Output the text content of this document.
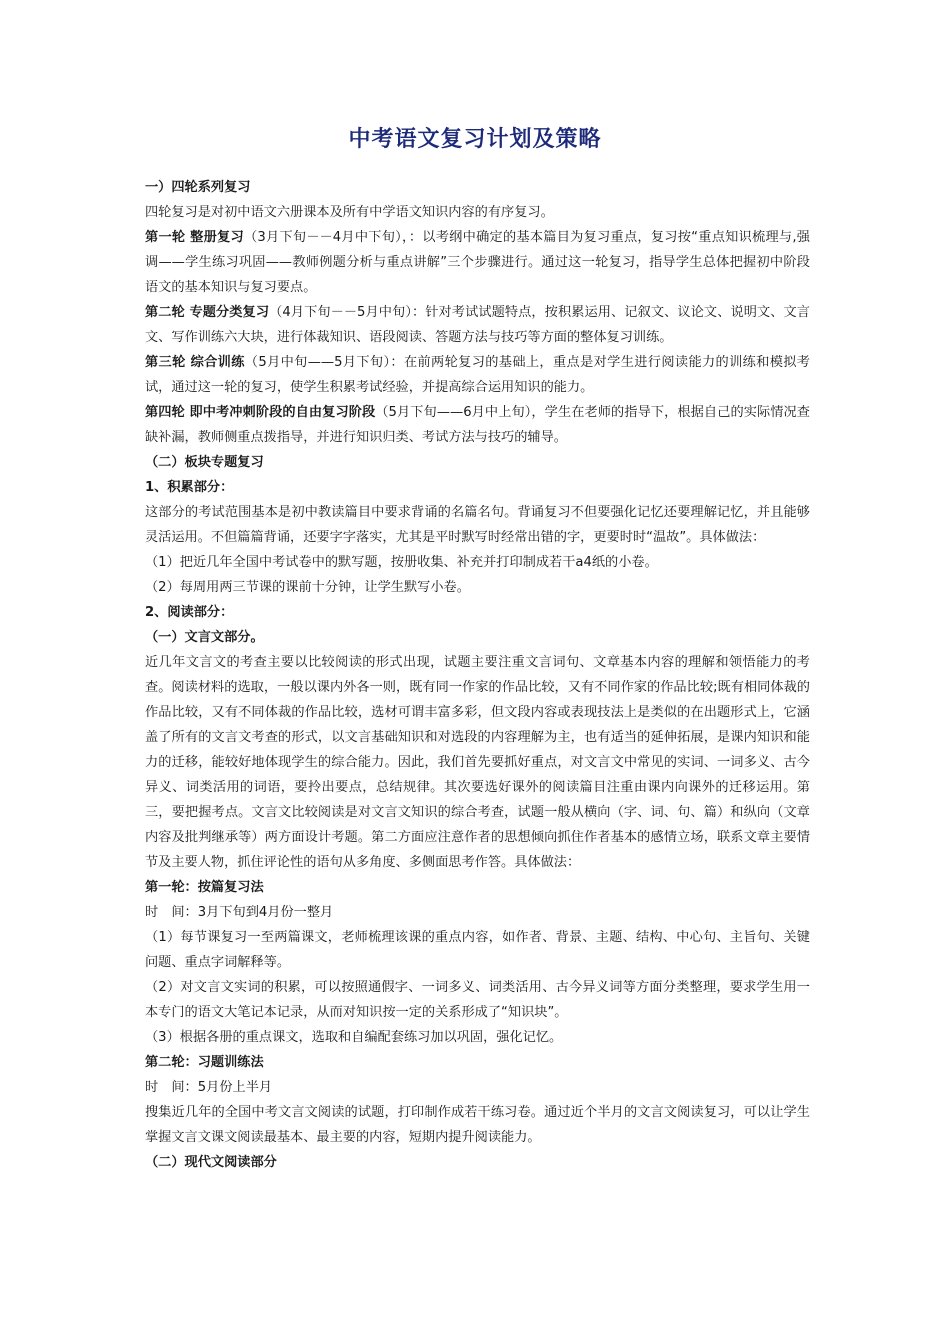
中考语文复习计划及策略

一）四轮系列复习

四轮复习是对初中语文六册课本及所有中学语文知识内容的有序复习。

第一轮 整册复习（3月下旬－－4月中下旬），：以考纲中确定的基本篇目为复习重点，复习按“重点知识梳理与,强调——学生练习巩固——教师例题分析与重点讲解”三个步骤进行。通过这一轮复习，指导学生总体把握初中阶段语文的基本知识与复习要点。

第二轮 专题分类复习（4月下旬－－5月中旬）：针对考试试题特点，按积累运用、记叙文、议论文、说明文、文言文、写作训练六大块，进行体裁知识、语段阅读、答题方法与技巧等方面的整体复习训练。

第三轮 综合训练（5月中旬——5月下旬）：在前两轮复习的基础上，重点是对学生进行阅读能力的训练和模拟考试，通过这一轮的复习，使学生积累考试经验，并提高综合运用知识的能力。

第四轮 即中考冲刺阶段的自由复习阶段（5月下旬——6月中上旬），学生在老师的指导下，根据自己的实际情况查缺补漏，教师侧重点拨指导，并进行知识归类、考试方法与技巧的辅导。

（二）板块专题复习

1、积累部分：

这部分的考试范围基本是初中教读篇目中要求背诵的名篇名句。背诵复习不但要强化记忆还要理解记忆，并且能够灵活运用。不但篇篇背诵，还要字字落实，尤其是平时默写时经常出错的字，更要时时“温故”。具体做法：

（1）把近几年全国中考试卷中的默写题，按册收集、补充并打印制成若干a4纸的小卷。

（2）每周用两三节课的课前十分钟，让学生默写小卷。

2、阅读部分：

（一）文言文部分。

近几年文言文的考查主要以比较阅读的形式出现，试题主要注重文言词句、文章基本内容的理解和领悟能力的考查。阅读材料的选取，一般以课内外各一则，既有同一作家的作品比较，又有不同作家的作品比较;既有相同体裁的作品比较，又有不同体裁的作品比较，选材可谓丰富多彩，但文段内容或表现技法上是类似的在出题形式上，它涵盖了所有的文言文考查的形式，以文言基础知识和对选段的内容理解为主，也有适当的延伸拓展，是课内知识和能力的迁移，能较好地体现学生的综合能力。因此，我们首先要抓好重点，对文言文中常见的实词、一词多义、古今异义、词类活用的词语，要拎出要点，总结规律。其次要选好课外的阅读篇目注重由课内向课外的迁移运用。第三，要把握考点。文言文比较阅读是对文言文知识的综合考查，试题一般从横向（字、词、句、篇）和纵向（文章内容及批判继承等）两方面设计考题。第二方面应注意作者的思想倾向抓住作者基本的感情立场，联系文章主要情节及主要人物，抓住评论性的语句从多角度、多侧面思考作答。具体做法：

第一轮：按篇复习法

时　间：3月下旬到4月份一整月

（1）每节课复习一至两篇课文，老师梳理该课的重点内容，如作者、背景、主题、结构、中心句、主旨句、关键问题、重点字词解释等。

（2）对文言文实词的积累，可以按照通假字、一词多义、词类活用、古今异义词等方面分类整理，要求学生用一本专门的语文大笔记本记录，从而对知识按一定的关系形成了“知识块”。

（3）根据各册的重点课文，选取和自编配套练习加以巩固，强化记忆。

第二轮：习题训练法

时　间：5月份上半月

搜集近几年的全国中考文言文阅读的试题，打印制作成若干练习卷。通过近个半月的文言文阅读复习，可以让学生掌握文言文课文阅读最基本、最主要的内容，短期内提升阅读能力。

（二）现代文阅读部分
